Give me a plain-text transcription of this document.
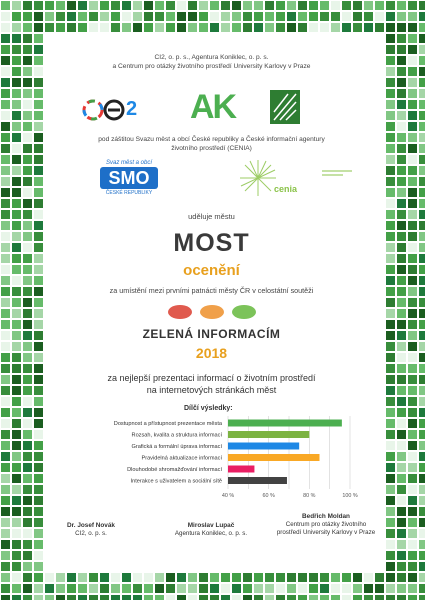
CI2, o. p. s., Agentura Koniklec, o. p. s.
a Centrum pro otázky životního prostředí University Karlovy v Praze
2 AK
pod záštitou Svazu měst a obcí České republiky a České informační agentury
životního prostředí (CENIA)
Svaz měst a obcí
SMO
ČESKÉ REPUBLIKY	cenia
uděluje městu
MOST
ocenění
za umístění mezi prvními patnácti městy ČR v celostátní soutěži
ZELENÁ INFORMACÍM
2018
za nejlepší prezentaci informací o životním prostředí
na internetových stránkách měst
Dílčí výsledky:
Dostupnost a přístupnost prezentace města
Rozsah, kvalita a struktura informací
Grafická a formální úprava informací
Pravidelná aktualizace informací
Dlouhodobé shromažďování informací
Interakce s uživatelem a sociální sítě
40 %	60 %	80 %	100 %
Dr. Josef Novák
CI2, o. p. s.
Miroslav Lupač
Agentura Koniklec, o. p. s.
Bedřich Moldan
Centrum pro otázky životního prostředí University Karlovy v Praze
